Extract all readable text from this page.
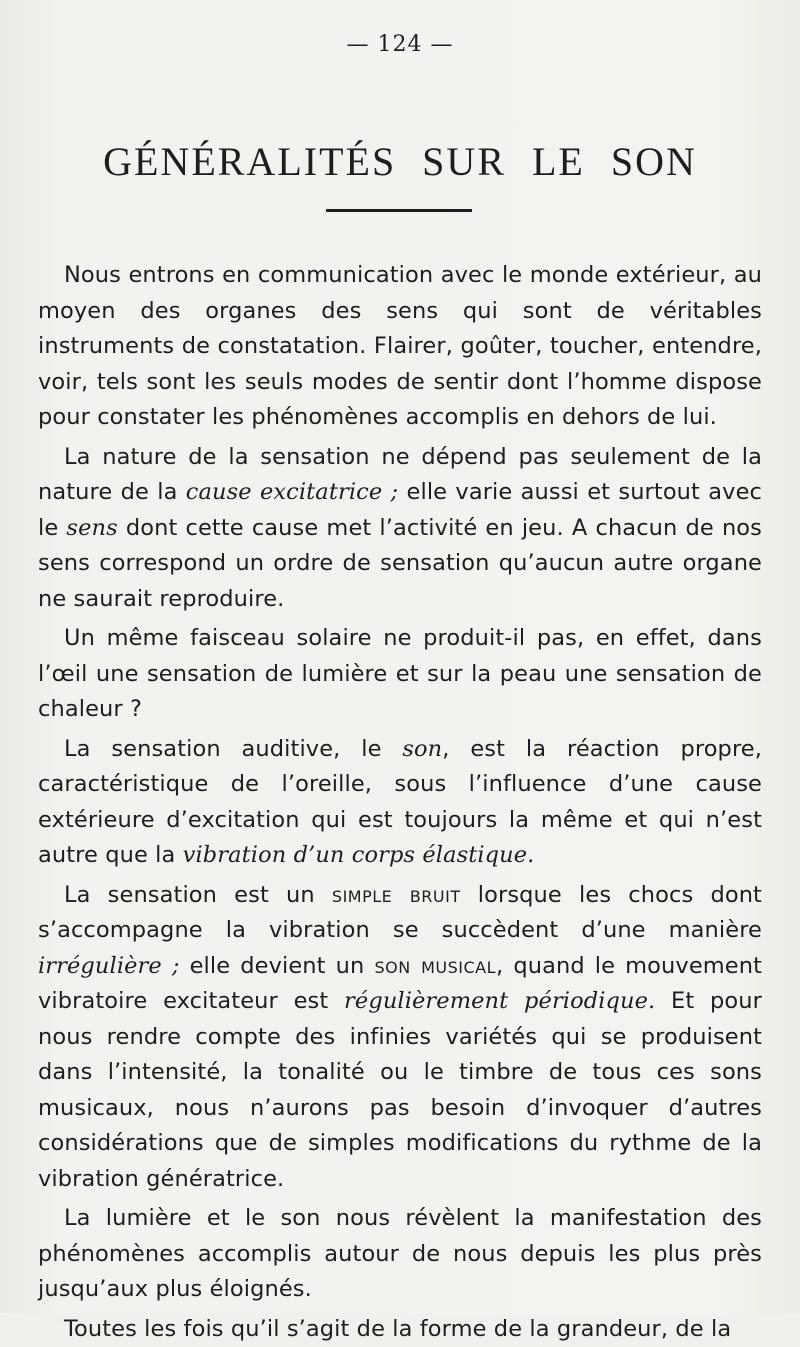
— 124 —
GÉNÉRALITÉS SUR LE SON

Nous entrons en communication avec le monde extérieur, au moyen des organes des sens qui sont de véritables instruments de constatation. Flairer, goûter, toucher, entendre, voir, tels sont les seuls modes de sentir dont l’homme dispose pour constater les phénomènes accomplis en dehors de lui.

La nature de la sensation ne dépend pas seulement de la nature de la cause excitatrice ; elle varie aussi et surtout avec le sens dont cette cause met l’activité en jeu. A chacun de nos sens correspond un ordre de sensation qu’aucun autre organe ne saurait reproduire.

Un même faisceau solaire ne produit-il pas, en effet, dans l’œil une sensation de lumière et sur la peau une sensation de chaleur ?

La sensation auditive, le son, est la réaction propre, caractéristique de l’oreille, sous l’influence d’une cause extérieure d’excitation qui est toujours la même et qui n’est autre que la vibration d’un corps élastique.

La sensation est un simple bruit lorsque les chocs dont s’accompagne la vibration se succèdent d’une manière irrégulière ; elle devient un son musical, quand le mouvement vibratoire excitateur est régulièrement périodique. Et pour nous rendre compte des infinies variétés qui se produisent dans l’intensité, la tonalité ou le timbre de tous ces sons musicaux, nous n’aurons pas besoin d’invoquer d’autres considérations que de simples modifications du rythme de la vibration génératrice.

La lumière et le son nous révèlent la manifestation des phénomènes accomplis autour de nous depuis les plus près jusqu’aux plus éloignés.

Toutes les fois qu’il s’agit de la forme de la grandeur, de la
